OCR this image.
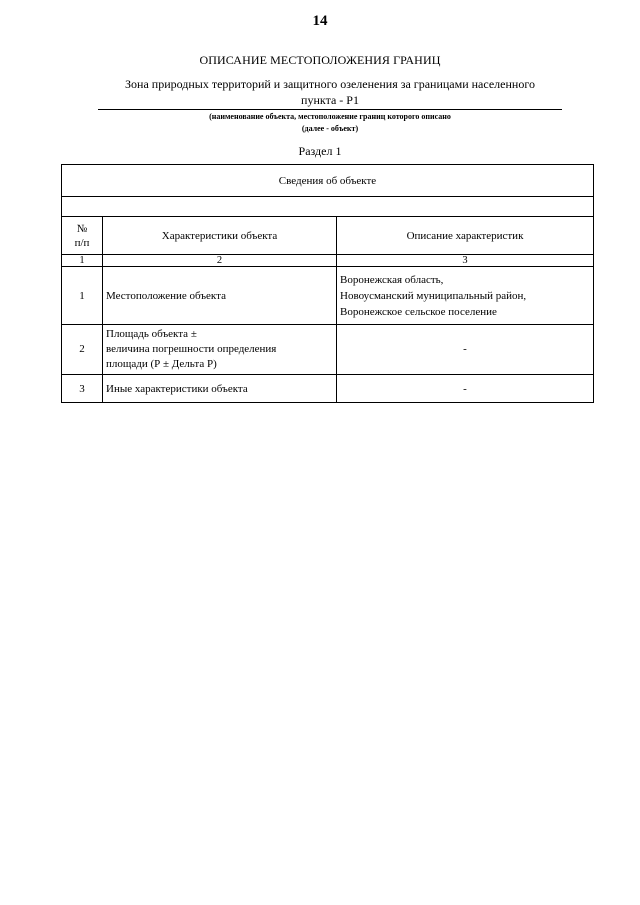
14
ОПИСАНИЕ МЕСТОПОЛОЖЕНИЯ ГРАНИЦ
Зона природных территорий и защитного озеленения за границами населенного
пункта - Р1
(наименование объекта, местоположение границ которого описано
(далее - объект)
Раздел 1
Сведения об объекте		

№
п/п	Характеристики объекта	Описание характеристик
1	2	3
1	Местоположение объекта	Воронежская область,
Новоусманский муниципальный район,
Воронежское сельское поселение

2	Площадь объекта ±
величина погрешности определения
площади (Р ± Дельта Р)	-
3	Иные характеристики объекта	-
